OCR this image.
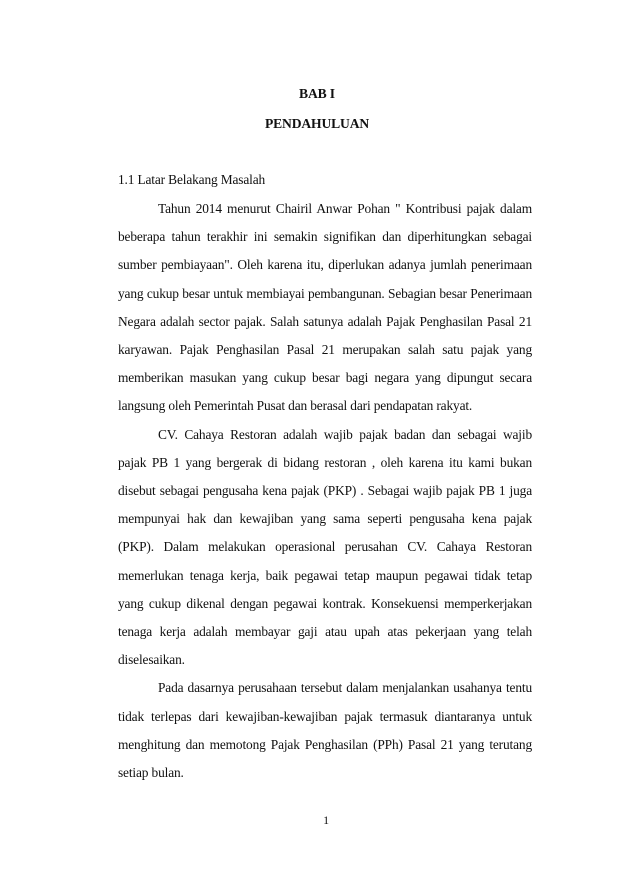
BAB I
PENDAHULUAN
1.1 Latar Belakang Masalah

Tahun 2014 menurut Chairil Anwar Pohan " Kontribusi pajak dalam beberapa tahun terakhir ini semakin signifikan dan diperhitungkan sebagai sumber pembiayaan". Oleh karena itu, diperlukan adanya jumlah penerimaan yang cukup besar untuk membiayai pembangunan. Sebagian besar Penerimaan Negara adalah sector pajak. Salah satunya adalah Pajak Penghasilan Pasal 21 karyawan. Pajak Penghasilan Pasal 21 merupakan salah satu pajak yang memberikan masukan yang cukup besar bagi negara yang dipungut secara langsung oleh Pemerintah Pusat dan berasal dari pendapatan rakyat.

CV. Cahaya Restoran adalah wajib pajak badan dan sebagai wajib pajak PB 1 yang bergerak di bidang restoran , oleh karena itu kami bukan disebut sebagai pengusaha kena pajak (PKP) . Sebagai wajib pajak PB 1 juga mempunyai hak dan kewajiban yang sama seperti pengusaha kena pajak (PKP). Dalam melakukan operasional perusahan CV. Cahaya Restoran memerlukan tenaga kerja, baik pegawai tetap maupun pegawai tidak tetap yang cukup dikenal dengan pegawai kontrak. Konsekuensi memperkerjakan tenaga kerja adalah membayar gaji atau upah atas pekerjaan yang telah diselesaikan.

Pada dasarnya perusahaan tersebut dalam menjalankan usahanya tentu tidak terlepas dari kewajiban-kewajiban pajak termasuk diantaranya untuk menghitung dan memotong Pajak Penghasilan (PPh) Pasal 21 yang terutang setiap bulan.

1
